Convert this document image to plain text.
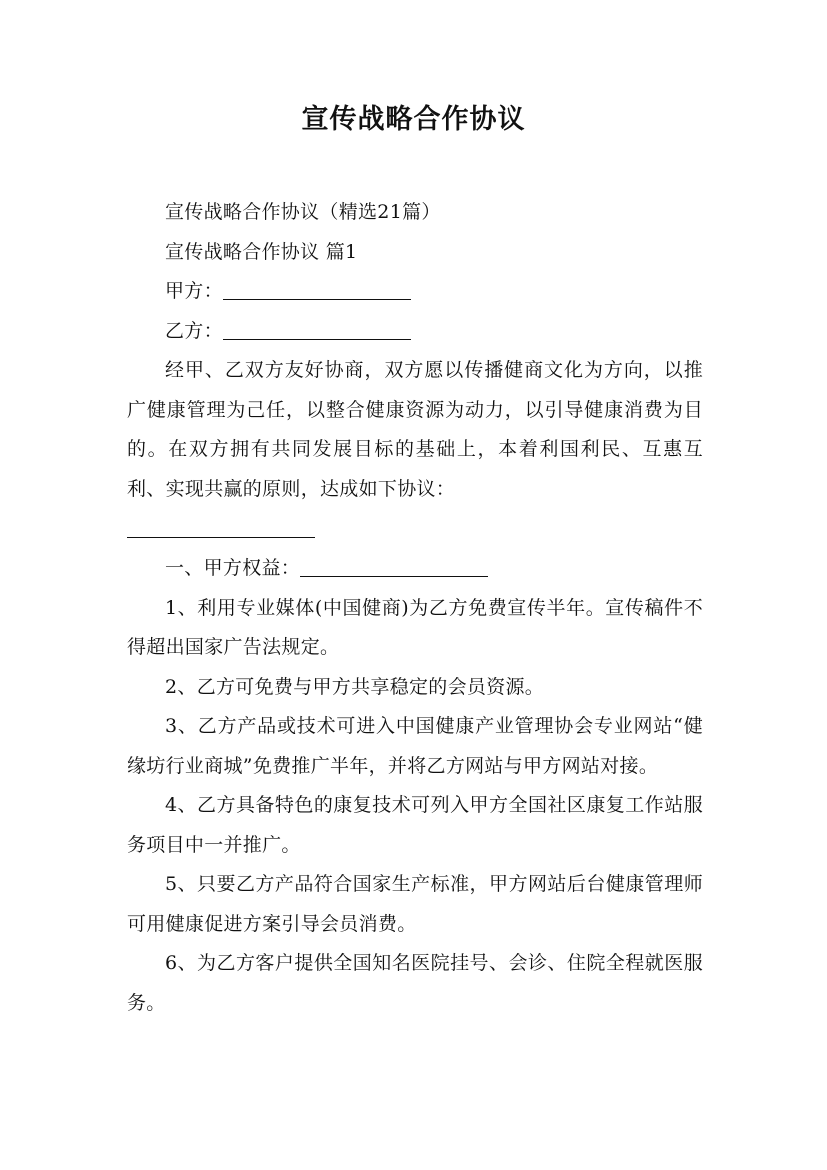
宣传战略合作协议

宣传战略合作协议（精选21篇）

宣传战略合作协议 篇1

甲方：

乙方：

经甲、乙双方友好协商，双方愿以传播健商文化为方向，以推广健康管理为己任，以整合健康资源为动力，以引导健康消费为目的。在双方拥有共同发展目标的基础上，本着利国利民、互惠互利、实现共赢的原则，达成如下协议：

一、甲方权益：

1、利用专业媒体(中国健商)为乙方免费宣传半年。宣传稿件不得超出国家广告法规定。

2、乙方可免费与甲方共享稳定的会员资源。

3、乙方产品或技术可进入中国健康产业管理协会专业网站“健缘坊行业商城”免费推广半年，并将乙方网站与甲方网站对接。

4、乙方具备特色的康复技术可列入甲方全国社区康复工作站服务项目中一并推广。

5、只要乙方产品符合国家生产标准，甲方网站后台健康管理师可用健康促进方案引导会员消费。

6、为乙方客户提供全国知名医院挂号、会诊、住院全程就医服务。
